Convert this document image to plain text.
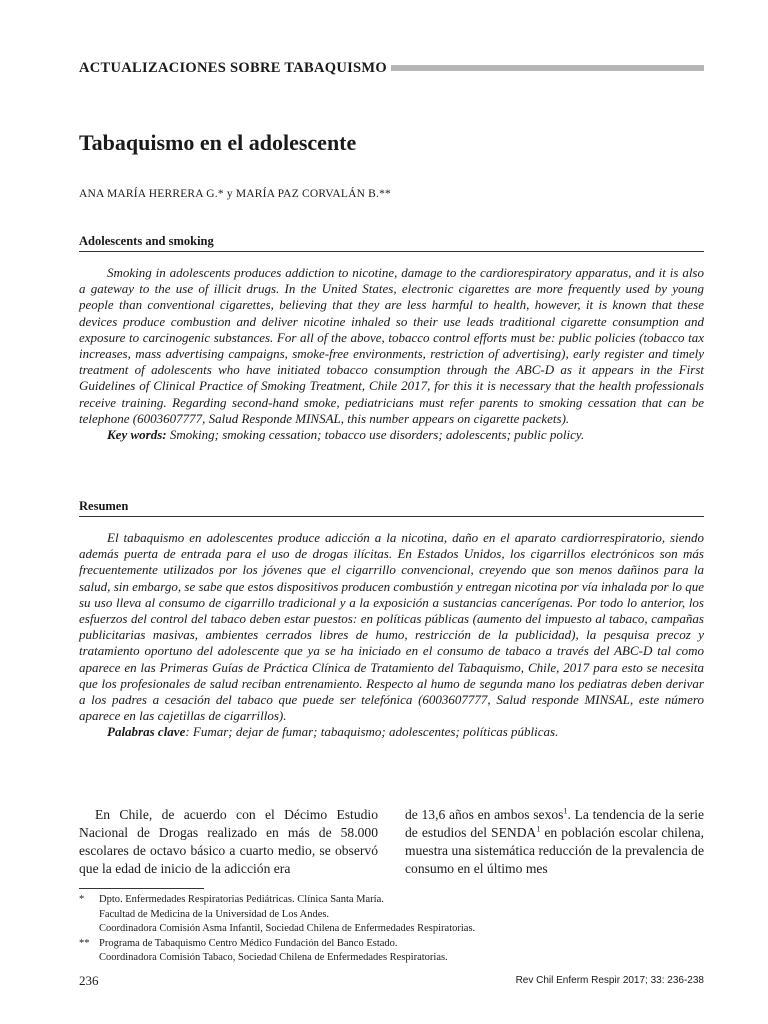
ACTUALIZACIONES SOBRE TABAQUISMO
Tabaquismo en el adolescente
ANA MARÍA HERRERA G.* y MARÍA PAZ CORVALÁN B.**
Adolescents and smoking

Smoking in adolescents produces addiction to nicotine, damage to the cardiorespiratory apparatus, and it is also a gateway to the use of illicit drugs. In the United States, electronic cigarettes are more frequently used by young people than conventional cigarettes, believing that they are less harmful to health, however, it is known that these devices produce combustion and deliver nicotine inhaled so their use leads traditional cigarette consumption and exposure to carcinogenic substances. For all of the above, tobacco control efforts must be: public policies (tobacco tax increases, mass advertising campaigns, smoke-free environments, restriction of advertising), early register and timely treatment of adolescents who have initiated tobacco consumption through the ABC-D as it appears in the First Guidelines of Clinical Practice of Smoking Treatment, Chile 2017, for this it is necessary that the health professionals receive training. Regarding second-hand smoke, pediatricians must refer parents to smoking cessation that can be telephone (6003607777, Salud Responde MINSAL, this number appears on cigarette packets).

Key words: Smoking; smoking cessation; tobacco use disorders; adolescents; public policy.

Resumen

El tabaquismo en adolescentes produce adicción a la nicotina, daño en el aparato cardiorrespiratorio, siendo además puerta de entrada para el uso de drogas ilícitas. En Estados Unidos, los cigarrillos electrónicos son más frecuentemente utilizados por los jóvenes que el cigarrillo convencional, creyendo que son menos dañinos para la salud, sin embargo, se sabe que estos dispositivos producen combustión y entregan nicotina por vía inhalada por lo que su uso lleva al consumo de cigarrillo tradicional y a la exposición a sustancias cancerígenas. Por todo lo anterior, los esfuerzos del control del tabaco deben estar puestos: en políticas públicas (aumento del impuesto al tabaco, campañas publicitarias masivas, ambientes cerrados libres de humo, restricción de la publicidad), la pesquisa precoz y tratamiento oportuno del adolescente que ya se ha iniciado en el consumo de tabaco a través del ABC-D tal como aparece en las Primeras Guías de Práctica Clínica de Tratamiento del Tabaquismo, Chile, 2017 para esto se necesita que los profesionales de salud reciban entrenamiento. Respecto al humo de segunda mano los pediatras deben derivar a los padres a cesación del tabaco que puede ser telefónica (6003607777, Salud responde MINSAL, este número aparece en las cajetillas de cigarrillos).

Palabras clave: Fumar; dejar de fumar; tabaquismo; adolescentes; políticas públicas.

En Chile, de acuerdo con el Décimo Estudio Nacional de Drogas realizado en más de 58.000 escolares de octavo básico a cuarto medio, se observó que la edad de inicio de la adicción era

de 13,6 años en ambos sexos$^1$. La tendencia de la serie de estudios del SENDA$^1$ en población escolar chilena, muestra una sistemática reducción de la prevalencia de consumo en el último mes

*	Dpto. Enfermedades Respiratorias Pediátricas. Clínica Santa María.
Facultad de Medicina de la Universidad de Los Andes.
Coordinadora Comisión Asma Infantil, Sociedad Chilena de Enfermedades Respiratorias.
** Programa de Tabaquismo Centro Médico Fundación del Banco Estado.
Coordinadora Comisión Tabaco, Sociedad Chilena de Enfermedades Respiratorias.
236	Rev Chil Enferm Respir 2017; 33: 236-238
